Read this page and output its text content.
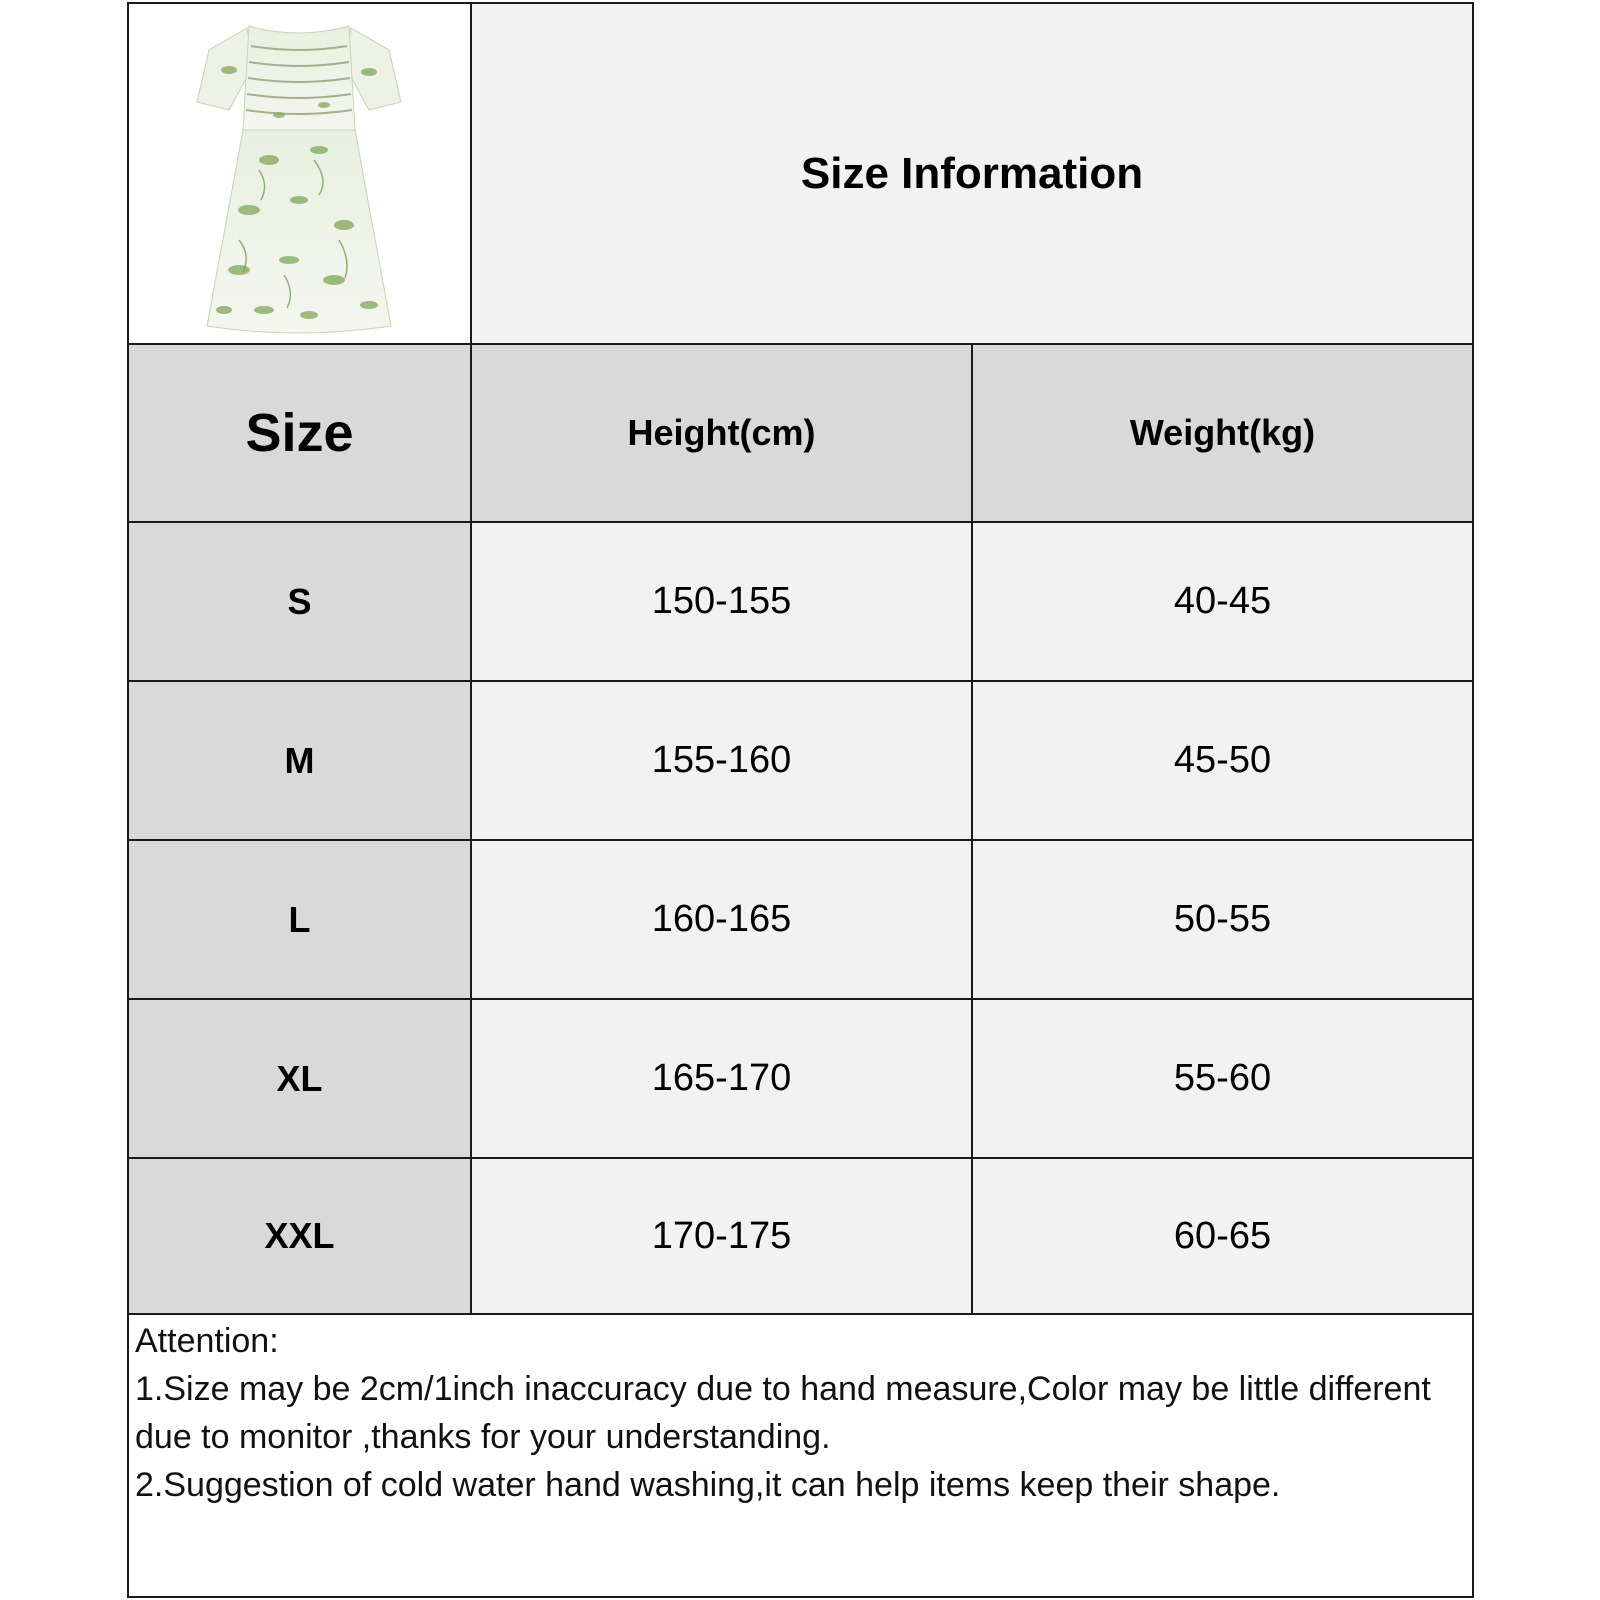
Size Information
Size	Height(cm)	Weight(kg)
S	150-155	40-45
M	155-160	45-50
L	160-165	50-55
XL	165-170	55-60
XXL	170-175	60-65

Attention:

1.Size may be 2cm/1inch inaccuracy due to hand measure,Color may be little different due to monitor ,thanks for your understanding.

2.Suggestion of cold water hand washing,it can help items keep their shape.
